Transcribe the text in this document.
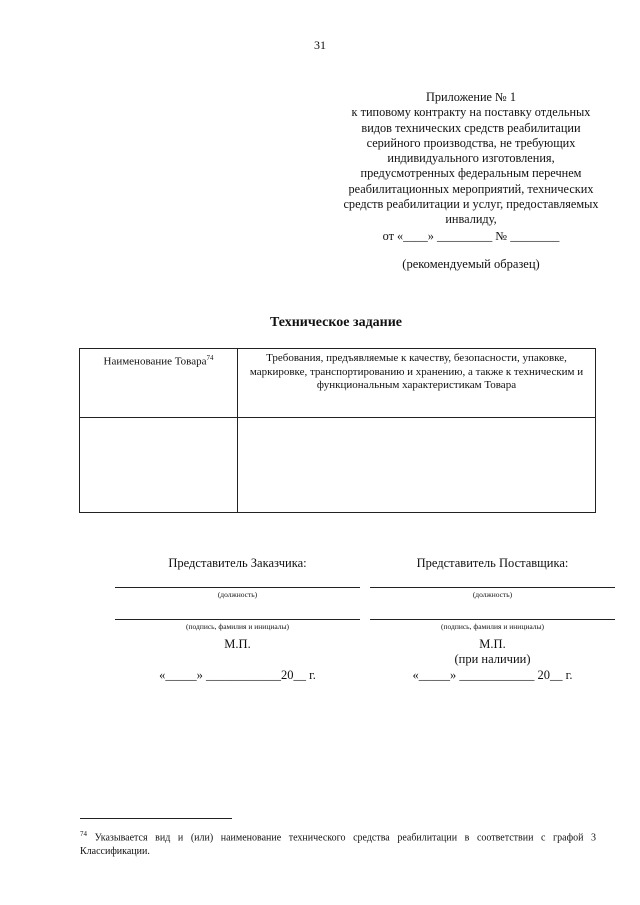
31
Приложение № 1
к типовому контракту на поставку отдельных
видов технических средств реабилитации
серийного производства, не требующих
индивидуального изготовления,
предусмотренных федеральным перечнем
реабилитационных мероприятий, технических
средств реабилитации и услуг, предоставляемых
инвалиду,
от «____» _________ № ________
(рекомендуемый образец)
Техническое задание
Наименование Товара$^{74}$	Требования, предъявляемые к качеству, безопасности, упаковке, маркировке, транспортированию и хранению, а также к техническим и функциональным характеристикам Товара

Представитель Заказчика:
(должность)
(подпись, фамилия и инициалы)
М.П.
«_____» ____________20__ г.
Представитель Поставщика:
(должность)
(подпись, фамилия и инициалы)
М.П.
(при наличии)
«_____» ____________ 20__ г.
$^{74}$ Указывается вид и (или) наименование технического средства реабилитации в соответствии с графой 3 Классификации.
